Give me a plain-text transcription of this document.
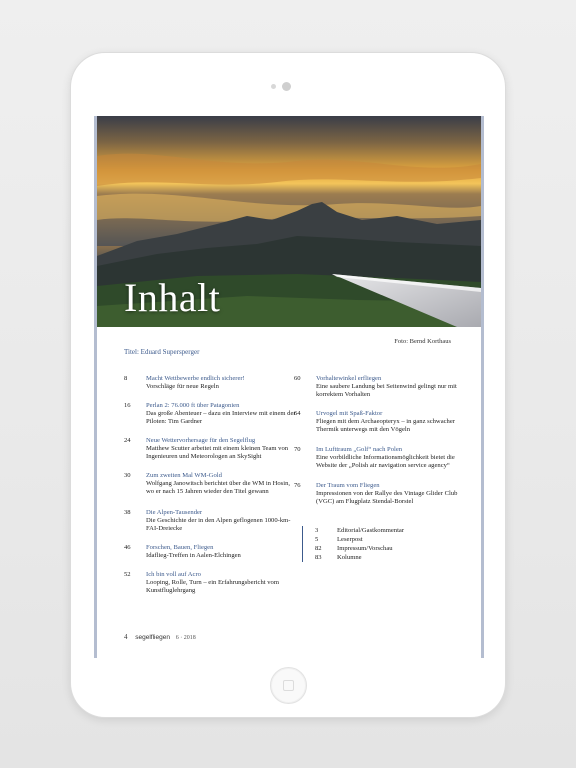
Inhalt
Foto: Bernd Korthaus
Titel: Eduard Supersperger
8	Macht Wettbewerbe endlich sicherer!
Vorschläge für neue Regeln
16	Perlan 2: 76.000 ft über Patagonien
Das große Abenteuer – dazu ein Interview mit einem der Piloten: Tim Gardner
24	Neue Wettervorhersage für den Segelflug
Matthew Scutter arbeitet mit einem kleinen Team von Ingenieuren und Meteorologen an SkySight
30	Zum zweiten Mal WM-Gold
Wolfgang Janowitsch berichtet über die WM in Hosin, wo er nach 15 Jahren wieder den Titel gewann
38	Die Alpen-Tausender
Die Geschichte der in den Alpen geflogenen 1000-km-FAI-Dreiecke
46	Forschen, Bauen, Fliegen
Idaflieg-Treffen in Aalen-Elchingen
52	Ich bin voll auf Acro
Looping, Rolle, Turn – ein Erfahrungsbericht vom Kunstfluglehrgang
60	Vorhaltewinkel erfliegen
Eine saubere Landung bei Seitenwind gelingt nur mit korrektem Vorhalten
64	Urvogel mit Spaß-Faktor
Fliegen mit dem Archaeopteryx – in ganz schwacher Thermik unterwegs mit den Vögeln
70	Im Lufttraum „Golf“ nach Polen
Eine vorbildliche Informationsmöglichkeit bietet die Website der „Polish air navigation service agency“
76	Der Traum vom Fliegen
Impressionen von der Rallye des Vintage Glider Club (VGC) am Flugplatz Stendal-Borstel
3	Editorial/Gastkommentar
5	Leserpost
82	Impressum/Vorschau
83	Kolumne
4 segelfliegen 6 · 2018
